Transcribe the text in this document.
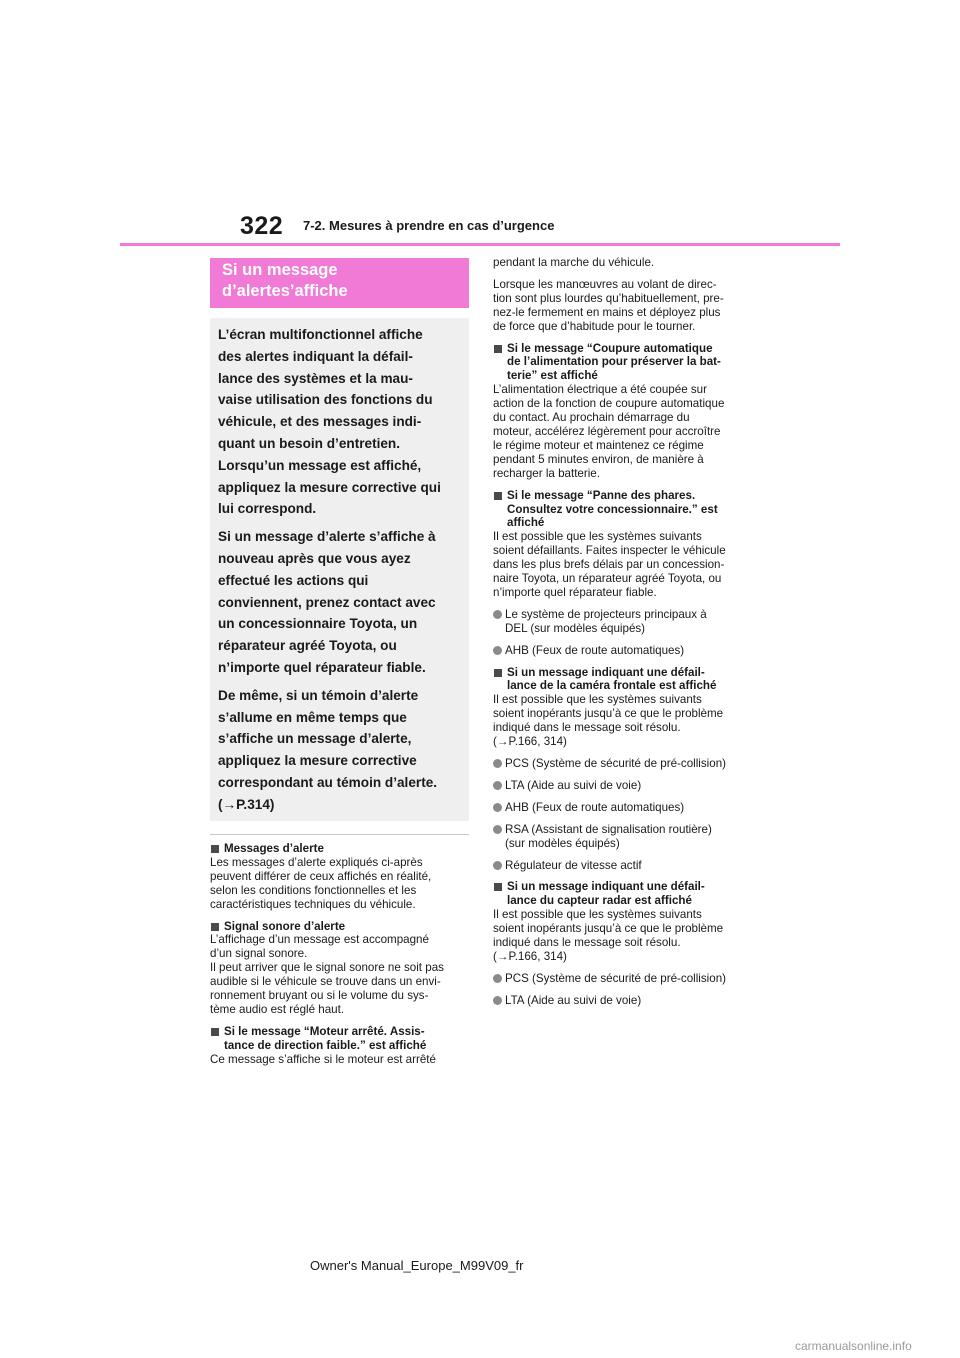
322 7-2. Mesures à prendre en cas d’urgence
Si un message d’alertes’affiche

L’écran multifonctionnel affiche
des alertes indiquant la défail-
lance des systèmes et la mau-
vaise utilisation des fonctions du
véhicule, et des messages indi-
quant un besoin d’entretien.
Lorsqu’un message est affiché,
appliquez la mesure corrective qui
lui correspond.

Si un message d’alerte s’affiche à
nouveau après que vous ayez
effectué les actions qui
conviennent, prenez contact avec
un concessionnaire Toyota, un
réparateur agréé Toyota, ou
n’importe quel réparateur fiable.

De même, si un témoin d’alerte
s’allume en même temps que
s’affiche un message d’alerte,
appliquez la mesure corrective
correspondant au témoin d’alerte.
(→P.314)

Messages d’alerte
Les messages d’alerte expliqués ci-après
peuvent différer de ceux affichés en réalité,
selon les conditions fonctionnelles et les
caractéristiques techniques du véhicule.
Signal sonore d’alerte
L’affichage d’un message est accompagné
d’un signal sonore.
Il peut arriver que le signal sonore ne soit pas
audible si le véhicule se trouve dans un envi-
ronnement bruyant ou si le volume du sys-
tème audio est réglé haut.
Si le message “Moteur arrêté. Assis-
tance de direction faible.” est affiché
Ce message s’affiche si le moteur est arrêté
pendant la marche du véhicule.
Lorsque les manœuvres au volant de direc-
tion sont plus lourdes qu’habituellement, pre-
nez-le fermement en mains et déployez plus
de force que d’habitude pour le tourner.
Si le message “Coupure automatique
de l’alimentation pour préserver la bat-
terie” est affiché
L’alimentation électrique a été coupée sur
action de la fonction de coupure automatique
du contact. Au prochain démarrage du
moteur, accélérez légèrement pour accroître
le régime moteur et maintenez ce régime
pendant 5 minutes environ, de manière à
recharger la batterie.
Si le message “Panne des phares.
Consultez votre concessionnaire.” est
affiché
Il est possible que les systèmes suivants
soient défaillants. Faites inspecter le véhicule
dans les plus brefs délais par un concession-
naire Toyota, un réparateur agréé Toyota, ou
n’importe quel réparateur fiable.
Le système de projecteurs principaux à
DEL (sur modèles équipés)
AHB (Feux de route automatiques)
Si un message indiquant une défail-
lance de la caméra frontale est affiché
Il est possible que les systèmes suivants
soient inopérants jusqu’à ce que le problème
indiqué dans le message soit résolu.
(→P.166, 314)
PCS (Système de sécurité de pré-collision)
LTA (Aide au suivi de voie)
AHB (Feux de route automatiques)
RSA (Assistant de signalisation routière)
(sur modèles équipés)
Régulateur de vitesse actif
Si un message indiquant une défail-
lance du capteur radar est affiché
Il est possible que les systèmes suivants
soient inopérants jusqu’à ce que le problème
indiqué dans le message soit résolu.
(→P.166, 314)
PCS (Système de sécurité de pré-collision)
LTA (Aide au suivi de voie)
Owner's Manual_Europe_M99V09_fr
carmanualsonline.info
